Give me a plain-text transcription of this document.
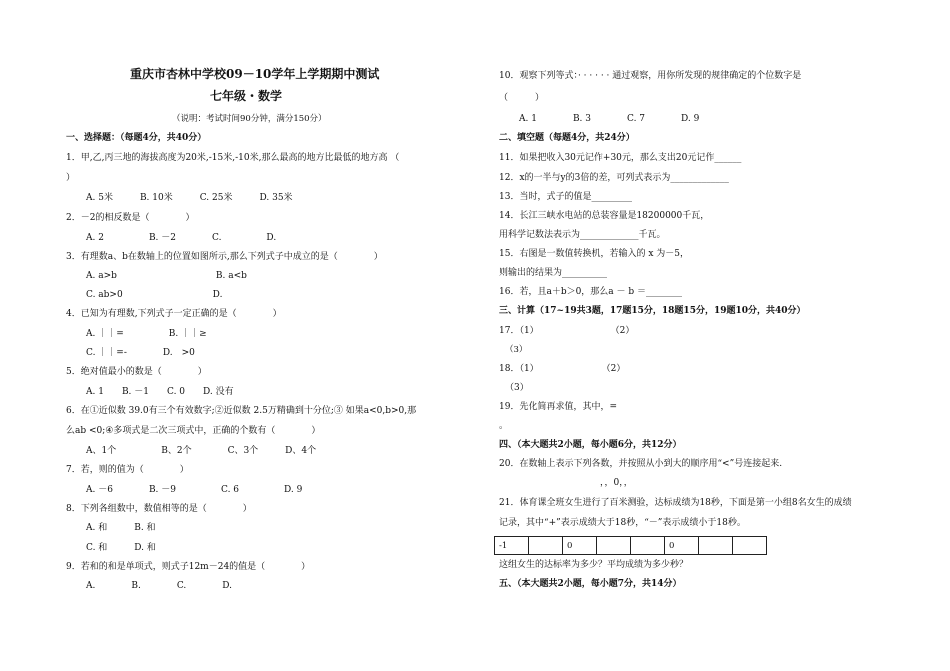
重庆市杏林中学校09－10学年上学期期中测试
七年级・数学
（说明：考试时间90分钟，满分150分）
一、选择题：（每题4分，共40分）
1．甲,乙,丙三地的海拔高度为20米,-15米,-10米,那么最高的地方比最低的地方高 （
）
A. 5米　　　B. 10米　　　C. 25米　　　D. 35米
2．－2的相反数是（　　　　）
A. 2　　　　　B. －2　　　　C.　　　　　D.
3．有理数a、b在数轴上的位置如图所示,那么下列式子中成立的是（　　　　）
A. a>b　　　　　　　　　　　B. a<b
C. ab>0　　　　　　　　　　D.
4．已知为有理数,下列式子一定正确的是（　　　　）
A. ｜｜=　　　　　B. ｜｜≥
C. ｜｜=-　　　　D.　>0
5．绝对值最小的数是（　　　　）
A. 1　　B. －1　　C. 0　　D. 没有
6．在①近似数 39.0有三个有效数字;②近似数 2.5万精确到十分位;③ 如果a<0,b>0,那
么ab <0;④多项式是二次三项式中，正确的个数有（　　　　）
A、1个　　　　　B、2个　　　　C、3个　　　D、4个
7．若，则的值为（　　　　）
A. －6　　　　B. －9　　　　　C. 6　　　　　D. 9
8．下列各组数中，数值相等的是（　　　　）
A. 和　　　B. 和
C. 和　　　D. 和
9．若和的和是单项式，则式子12m－24的值是（　　　　）
A.　　　　B.　　　　C.　　　　D.
10．观察下列等式：· · · · · · 通过观察，用你所发现的规律确定的个位数字是
（　　　）
A. 1　　　　B. 3　　　　C. 7　　　　D. 9
二、填空题（每题4分，共24分）
11．如果把收入30元记作+30元，那么支出20元记作______
12．x的一半与y的3倍的差，可列式表示为_____________
13．当时，式子的值是_________
14．长江三峡水电站的总装容量是18200000千瓦，
用科学记数法表示为_____________千瓦。
15．右图是一数值转换机，若输入的 x 为－5，
则输出的结果为__________
16．若，且a＋b＞0，那么a － b ＝________
三、计算（17~19共3题，17题15分，18题15分，19题10分，共40分）
17．（1）　　　　　　　　　（2）
（3）
18．（1）　　　　　　　　（2）
（3）
19．先化简再求值，其中，=
。
四、（本大题共2小题，每小题6分，共12分）
20．在数轴上表示下列各数，并按照从小到大的顺序用“<”号连接起来.
，，0，，
21．体育课全班女生进行了百米测验，达标成绩为18秒，下面是第一小组8名女生的成绩
记录，其中“+”表示成绩大于18秒，“－”表示成绩小于18秒。
-1		0			0		
这组女生的达标率为多少？平均成绩为多少秒？
五、（本大题共2小题，每小题7分，共14分）
